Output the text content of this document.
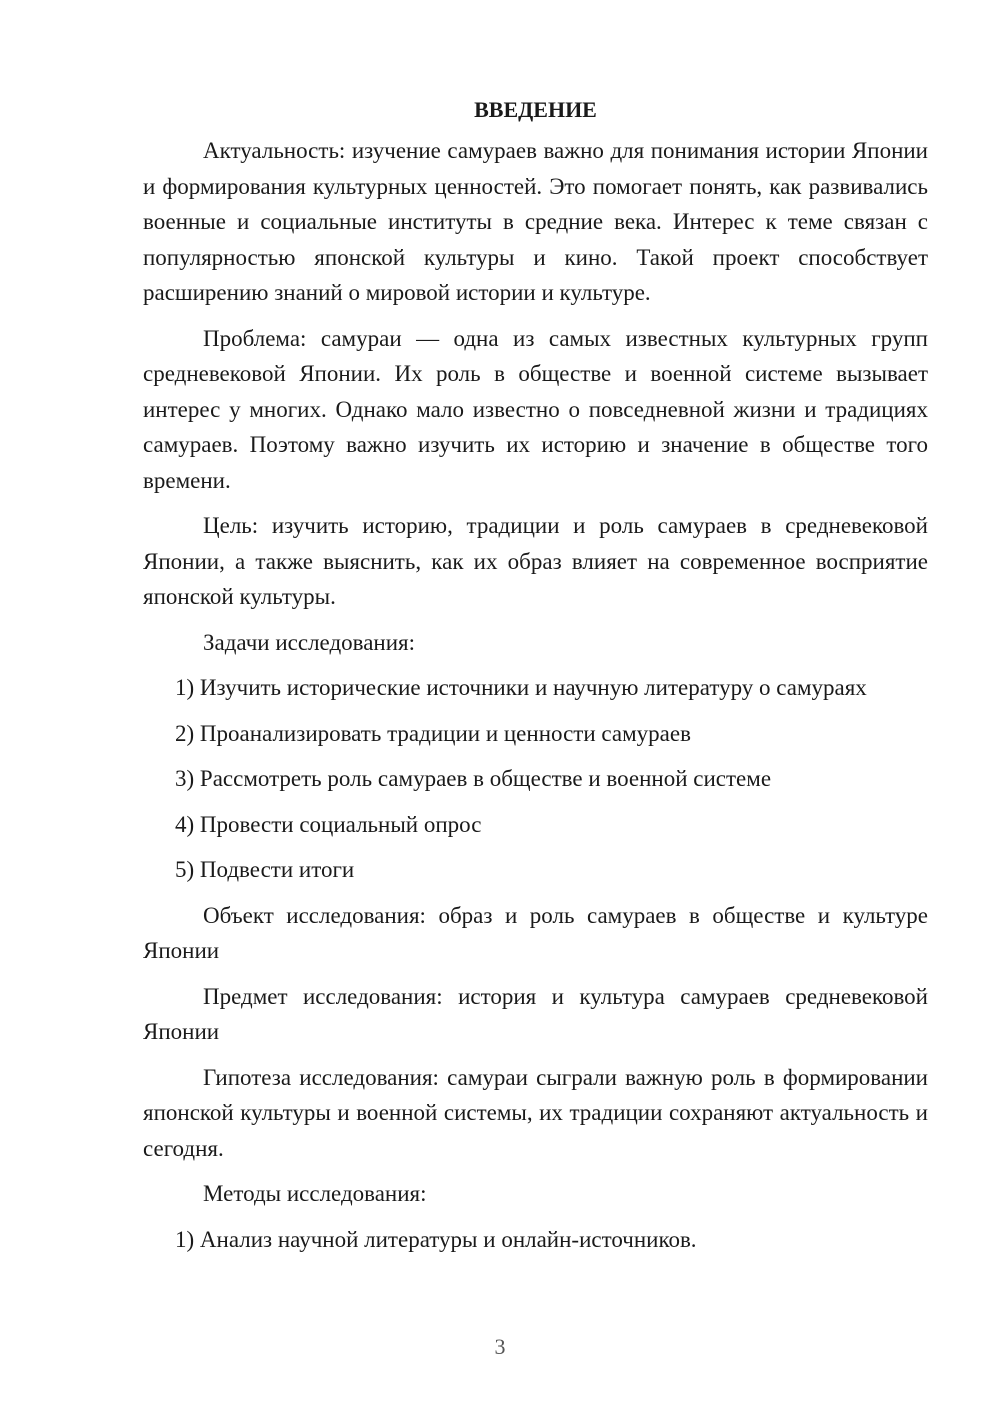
ВВЕДЕНИЕ

Актуальность: изучение самураев важно для понимания истории Японии и формирования культурных ценностей. Это помогает понять, как развивались военные и социальные институты в средние века. Интерес к теме связан с популярностью японской культуры и кино. Такой проект способствует расширению знаний о мировой истории и культуре.

Проблема: самураи — одна из самых известных культурных групп средневековой Японии. Их роль в обществе и военной системе вызывает интерес у многих. Однако мало известно о повседневной жизни и традициях самураев. Поэтому важно изучить их историю и значение в обществе того времени.

Цель: изучить историю, традиции и роль самураев в средневековой Японии, а также выяснить, как их образ влияет на современное восприятие японской культуры.

Задачи исследования:

1) Изучить исторические источники и научную литературу о самураях

2) Проанализировать традиции и ценности самураев

3) Рассмотреть роль самураев в обществе и военной системе

4) Провести социальный опрос

5) Подвести итоги

Объект исследования: образ и роль самураев в обществе и культуре Японии

Предмет исследования: история и культура самураев средневековой Японии

Гипотеза исследования: самураи сыграли важную роль в формировании японской культуры и военной системы, их традиции сохраняют актуальность и сегодня.

Методы исследования:

1) Анализ научной литературы и онлайн-источников.

3
